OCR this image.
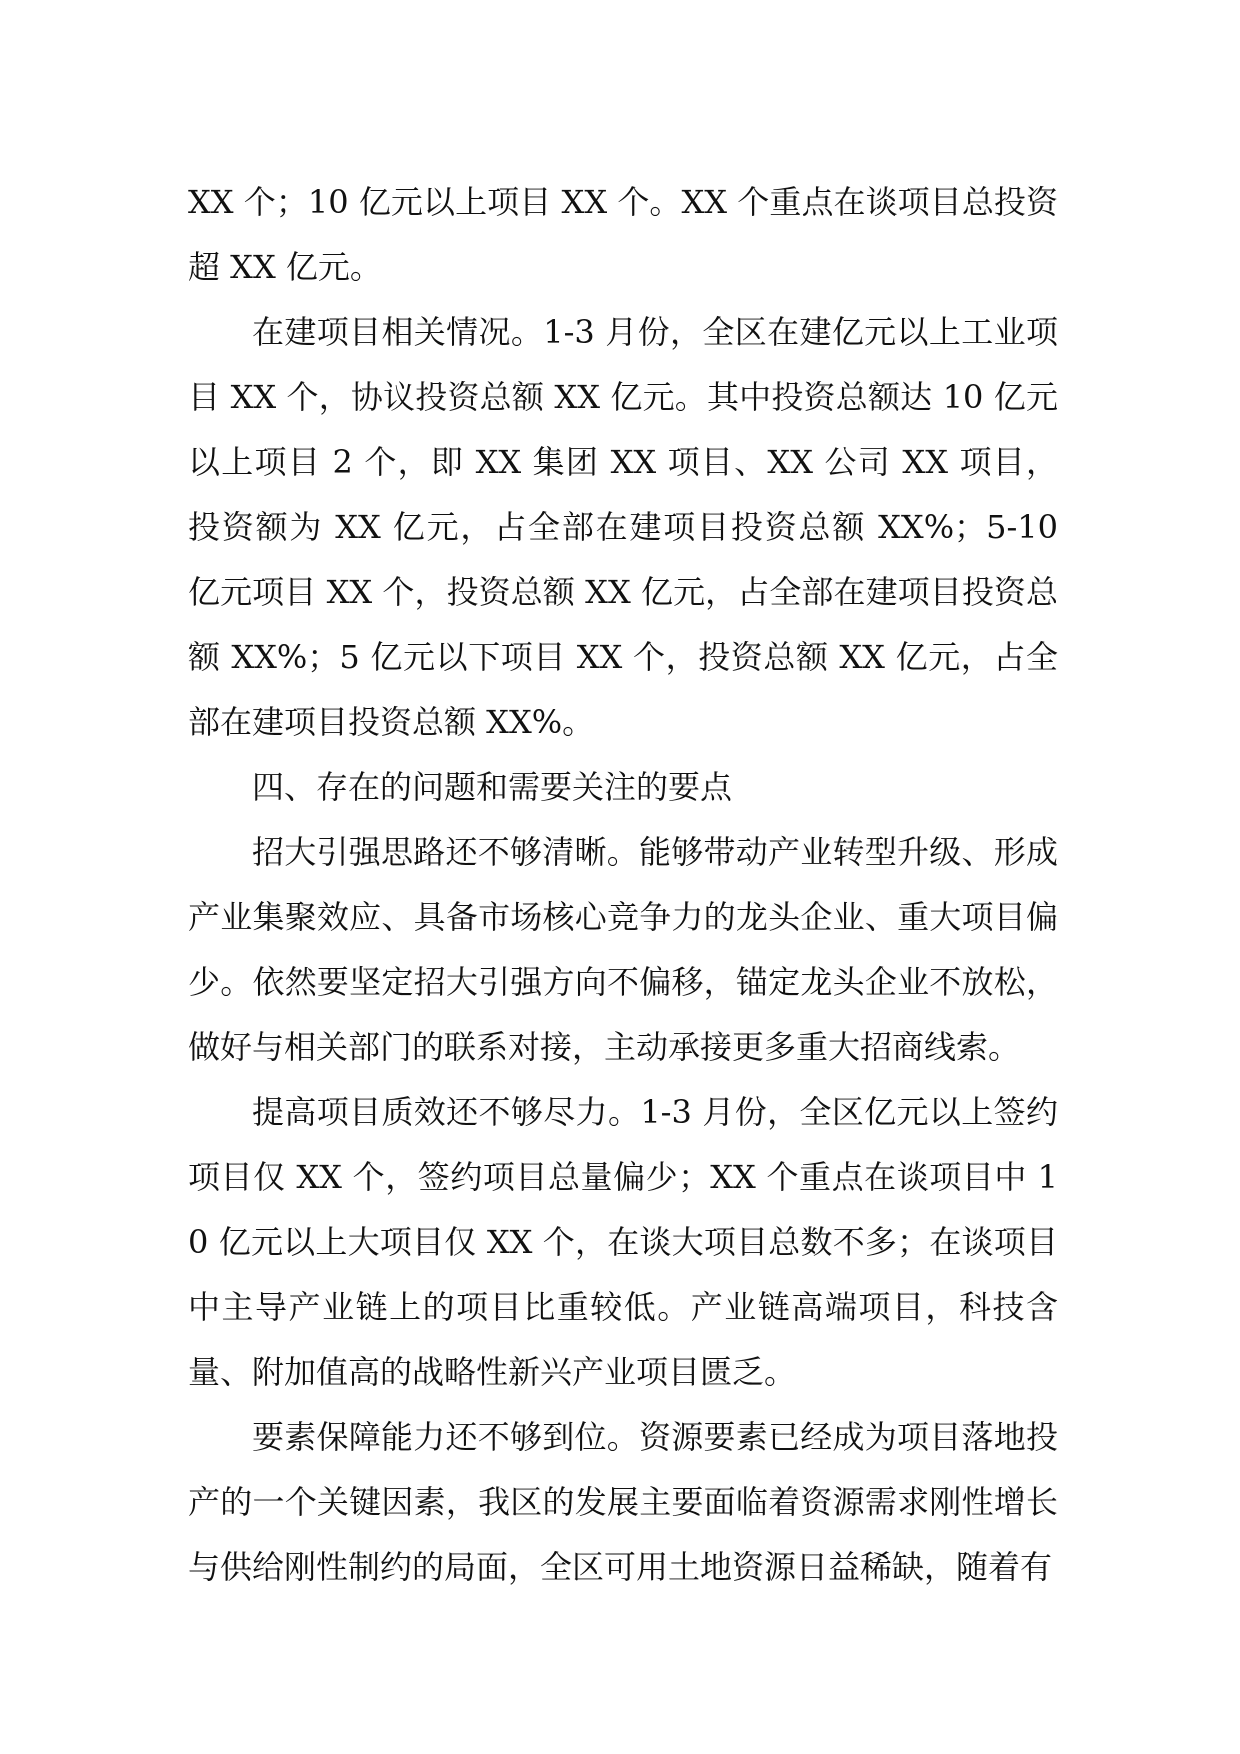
XX 个；10 亿元以上项目 XX 个。XX 个重点在谈项目总投资超 XX 亿元。

在建项目相关情况。1-3 月份，全区在建亿元以上工业项目 XX 个，协议投资总额 XX 亿元。其中投资总额达 10 亿元以上项目 2 个，即 XX 集团 XX 项目、XX 公司 XX 项目，投资额为 XX 亿元，占全部在建项目投资总额 XX%；5-10 亿元项目 XX 个，投资总额 XX 亿元，占全部在建项目投资总额 XX%；5 亿元以下项目 XX 个，投资总额 XX 亿元，占全部在建项目投资总额 XX%。

四、存在的问题和需要关注的要点

招大引强思路还不够清晰。能够带动产业转型升级、形成产业集聚效应、具备市场核心竞争力的龙头企业、重大项目偏少。依然要坚定招大引强方向不偏移，锚定龙头企业不放松，做好与相关部门的联系对接，主动承接更多重大招商线索。

提高项目质效还不够尽力。1-3 月份，全区亿元以上签约项目仅 XX 个，签约项目总量偏少；XX 个重点在谈项目中 10 亿元以上大项目仅 XX 个，在谈大项目总数不多；在谈项目中主导产业链上的项目比重较低。产业链高端项目，科技含量、附加值高的战略性新兴产业项目匮乏。

要素保障能力还不够到位。资源要素已经成为项目落地投产的一个关键因素，我区的发展主要面临着资源需求刚性增长与供给刚性制约的局面，全区可用土地资源日益稀缺，随着有
